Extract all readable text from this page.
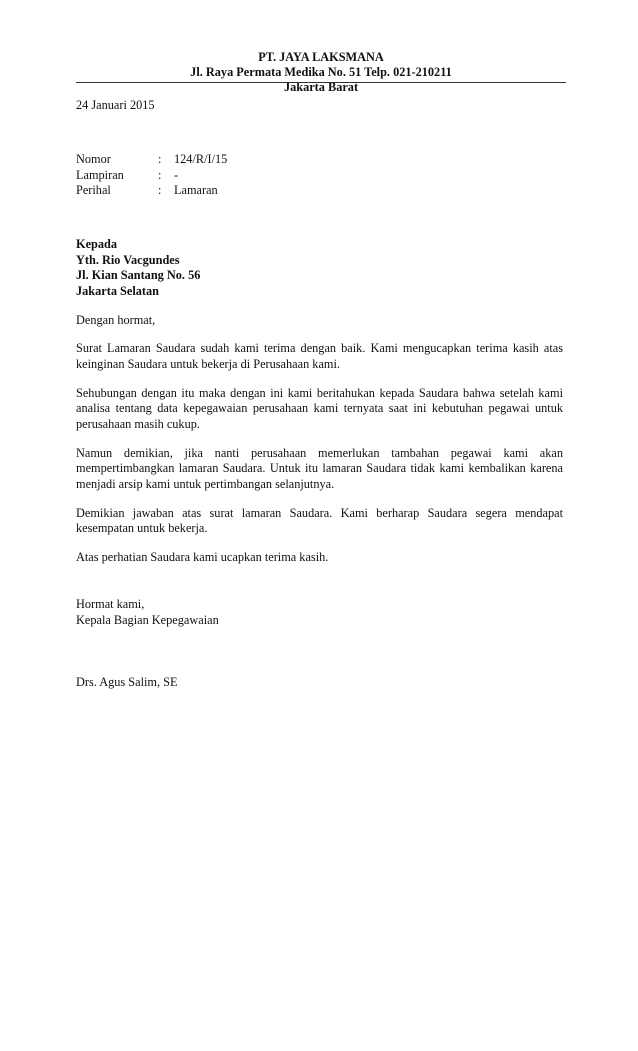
PT. JAYA LAKSMANA
Jl. Raya Permata Medika No. 51 Telp. 021-210211
Jakarta Barat
24 Januari 2015
Nomor	:	124/R/I/15
Lampiran	:	-
Perihal	:	Lamaran
Kepada
Yth. Rio Vacgundes
Jl. Kian Santang No. 56
Jakarta Selatan

Dengan hormat,

Surat Lamaran Saudara sudah kami terima dengan baik. Kami mengucapkan terima kasih atas keinginan Saudara untuk bekerja di Perusahaan kami.

Sehubungan dengan itu maka dengan ini kami beritahukan kepada Saudara bahwa setelah kami analisa tentang data kepegawaian perusahaan kami ternyata saat ini kebutuhan pegawai untuk perusahaan masih cukup.

Namun demikian, jika nanti perusahaan memerlukan tambahan pegawai kami akan mempertimbangkan lamaran Saudara. Untuk itu lamaran Saudara tidak kami kembalikan karena menjadi arsip kami untuk pertimbangan selanjutnya.

Demikian jawaban atas surat lamaran Saudara. Kami berharap Saudara segera mendapat kesempatan untuk bekerja.

Atas perhatian Saudara kami ucapkan terima kasih.

Hormat kami,
Kepala Bagian Kepegawaian
Drs. Agus Salim, SE
